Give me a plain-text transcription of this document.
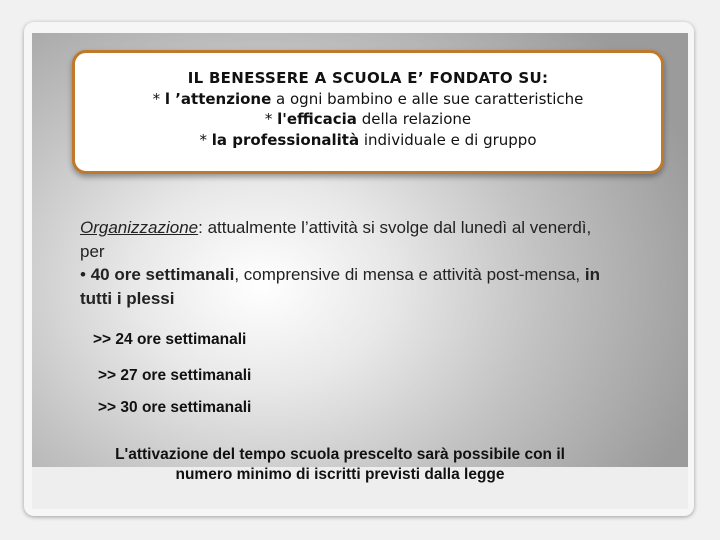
IL BENESSERE A SCUOLA E’ FONDATO SU:
* l ’attenzione a ogni bambino e alle sue caratteristiche
* l'efficacia della relazione
* la professionalità individuale e di gruppo
Organizzazione: attualmente l’attività si svolge dal lunedì al venerdì, per
• 40 ore settimanali, comprensive di mensa e attività post-mensa, in tutti i plessi
>> 24 ore settimanali
>> 27 ore settimanali
>> 30 ore settimanali
L'attivazione del tempo scuola prescelto sarà possibile con il
numero minimo di iscritti previsti dalla legge
